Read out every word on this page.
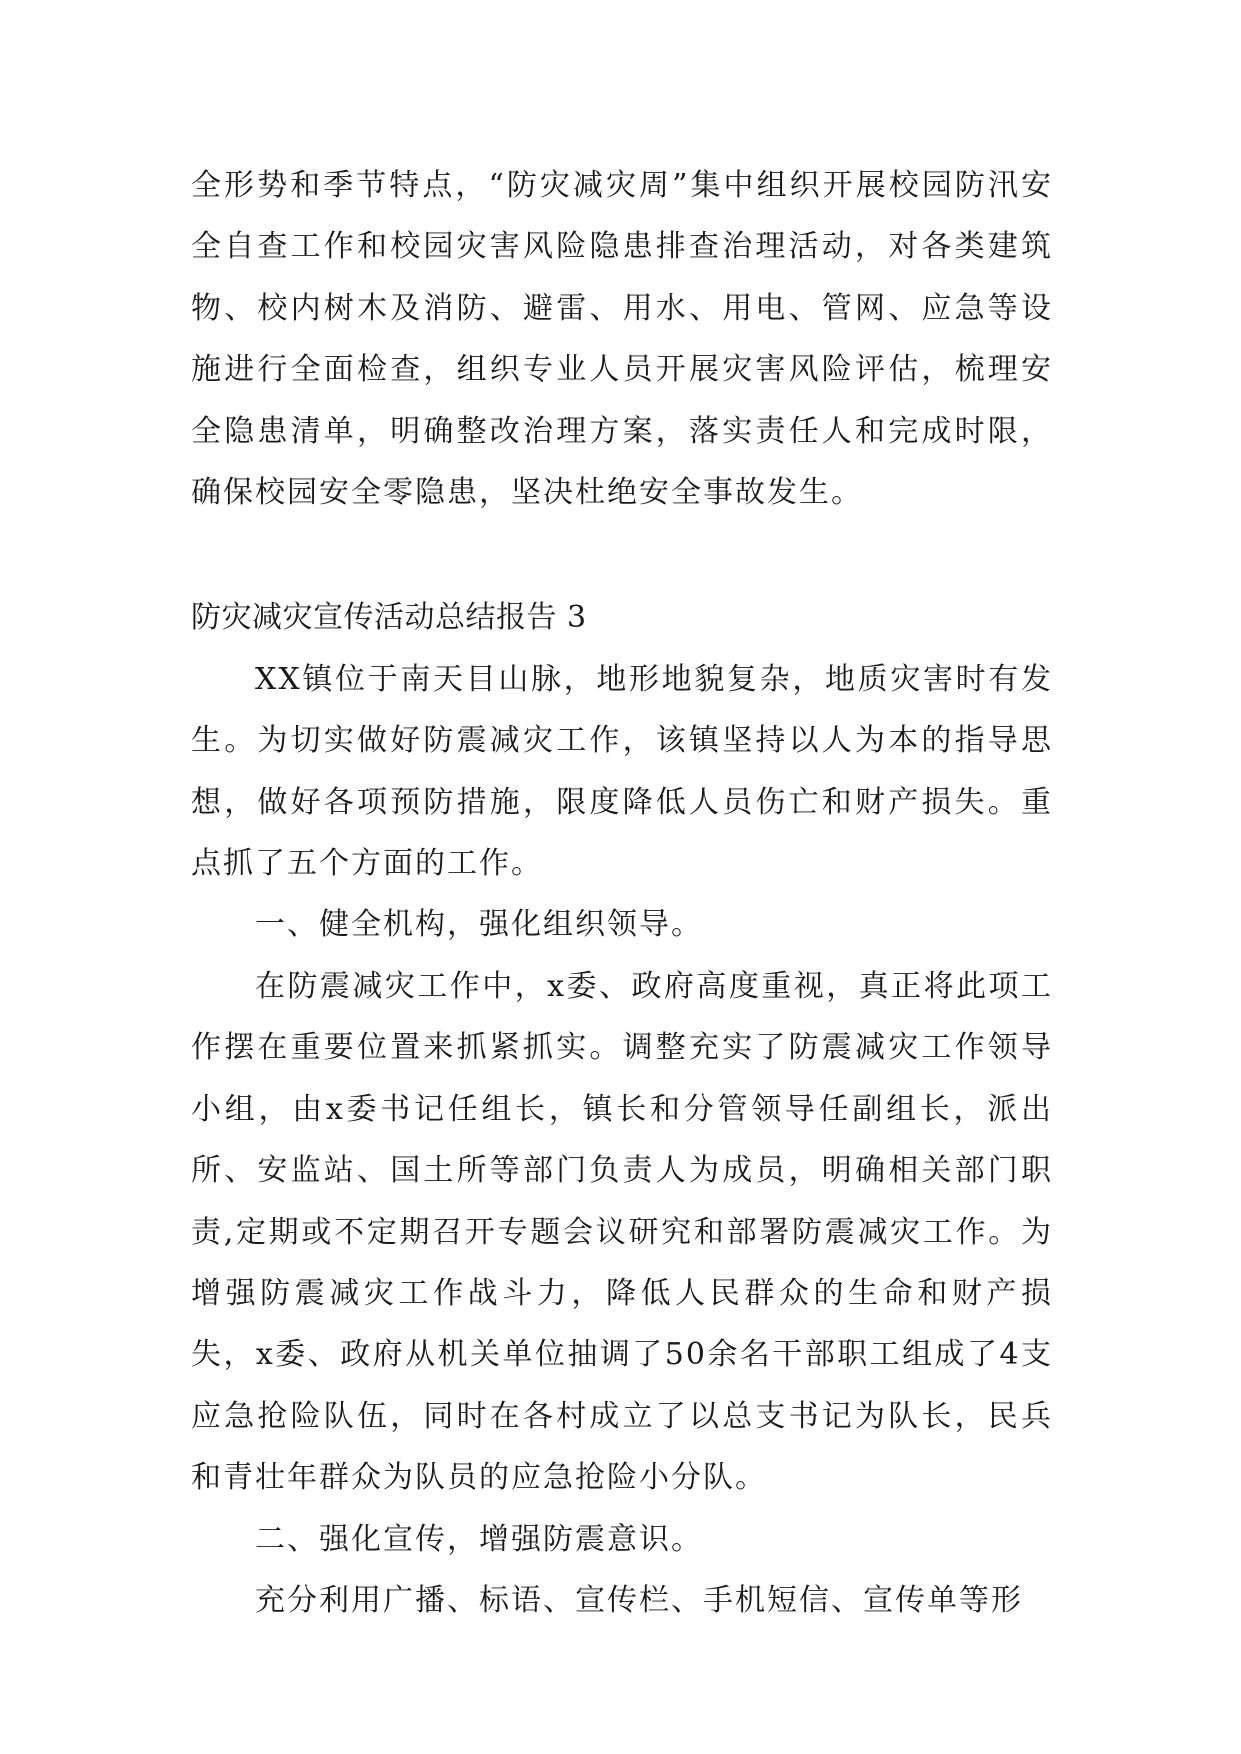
全形势和季节特点，“防灾减灾周”集中组织开展校园防汛安全自查工作和校园灾害风险隐患排查治理活动，对各类建筑物、校内树木及消防、避雷、用水、用电、管网、应急等设施进行全面检查，组织专业人员开展灾害风险评估，梳理安全隐患清单，明确整改治理方案，落实责任人和完成时限，确保校园安全零隐患，坚决杜绝安全事故发生。

防灾减灾宣传活动总结报告 3

XX镇位于南天目山脉，地形地貌复杂，地质灾害时有发生。为切实做好防震减灾工作，该镇坚持以人为本的指导思想，做好各项预防措施，限度降低人员伤亡和财产损失。重点抓了五个方面的工作。

一、健全机构，强化组织领导。

在防震减灾工作中，x委、政府高度重视，真正将此项工作摆在重要位置来抓紧抓实。调整充实了防震减灾工作领导小组，由x委书记任组长，镇长和分管领导任副组长，派出所、安监站、国土所等部门负责人为成员，明确相关部门职责,定期或不定期召开专题会议研究和部署防震减灾工作。为增强防震减灾工作战斗力，降低人民群众的生命和财产损失，x委、政府从机关单位抽调了50余名干部职工组成了4支应急抢险队伍，同时在各村成立了以总支书记为队长，民兵和青壮年群众为队员的应急抢险小分队。

二、强化宣传，增强防震意识。

充分利用广播、标语、宣传栏、手机短信、宣传单等形
